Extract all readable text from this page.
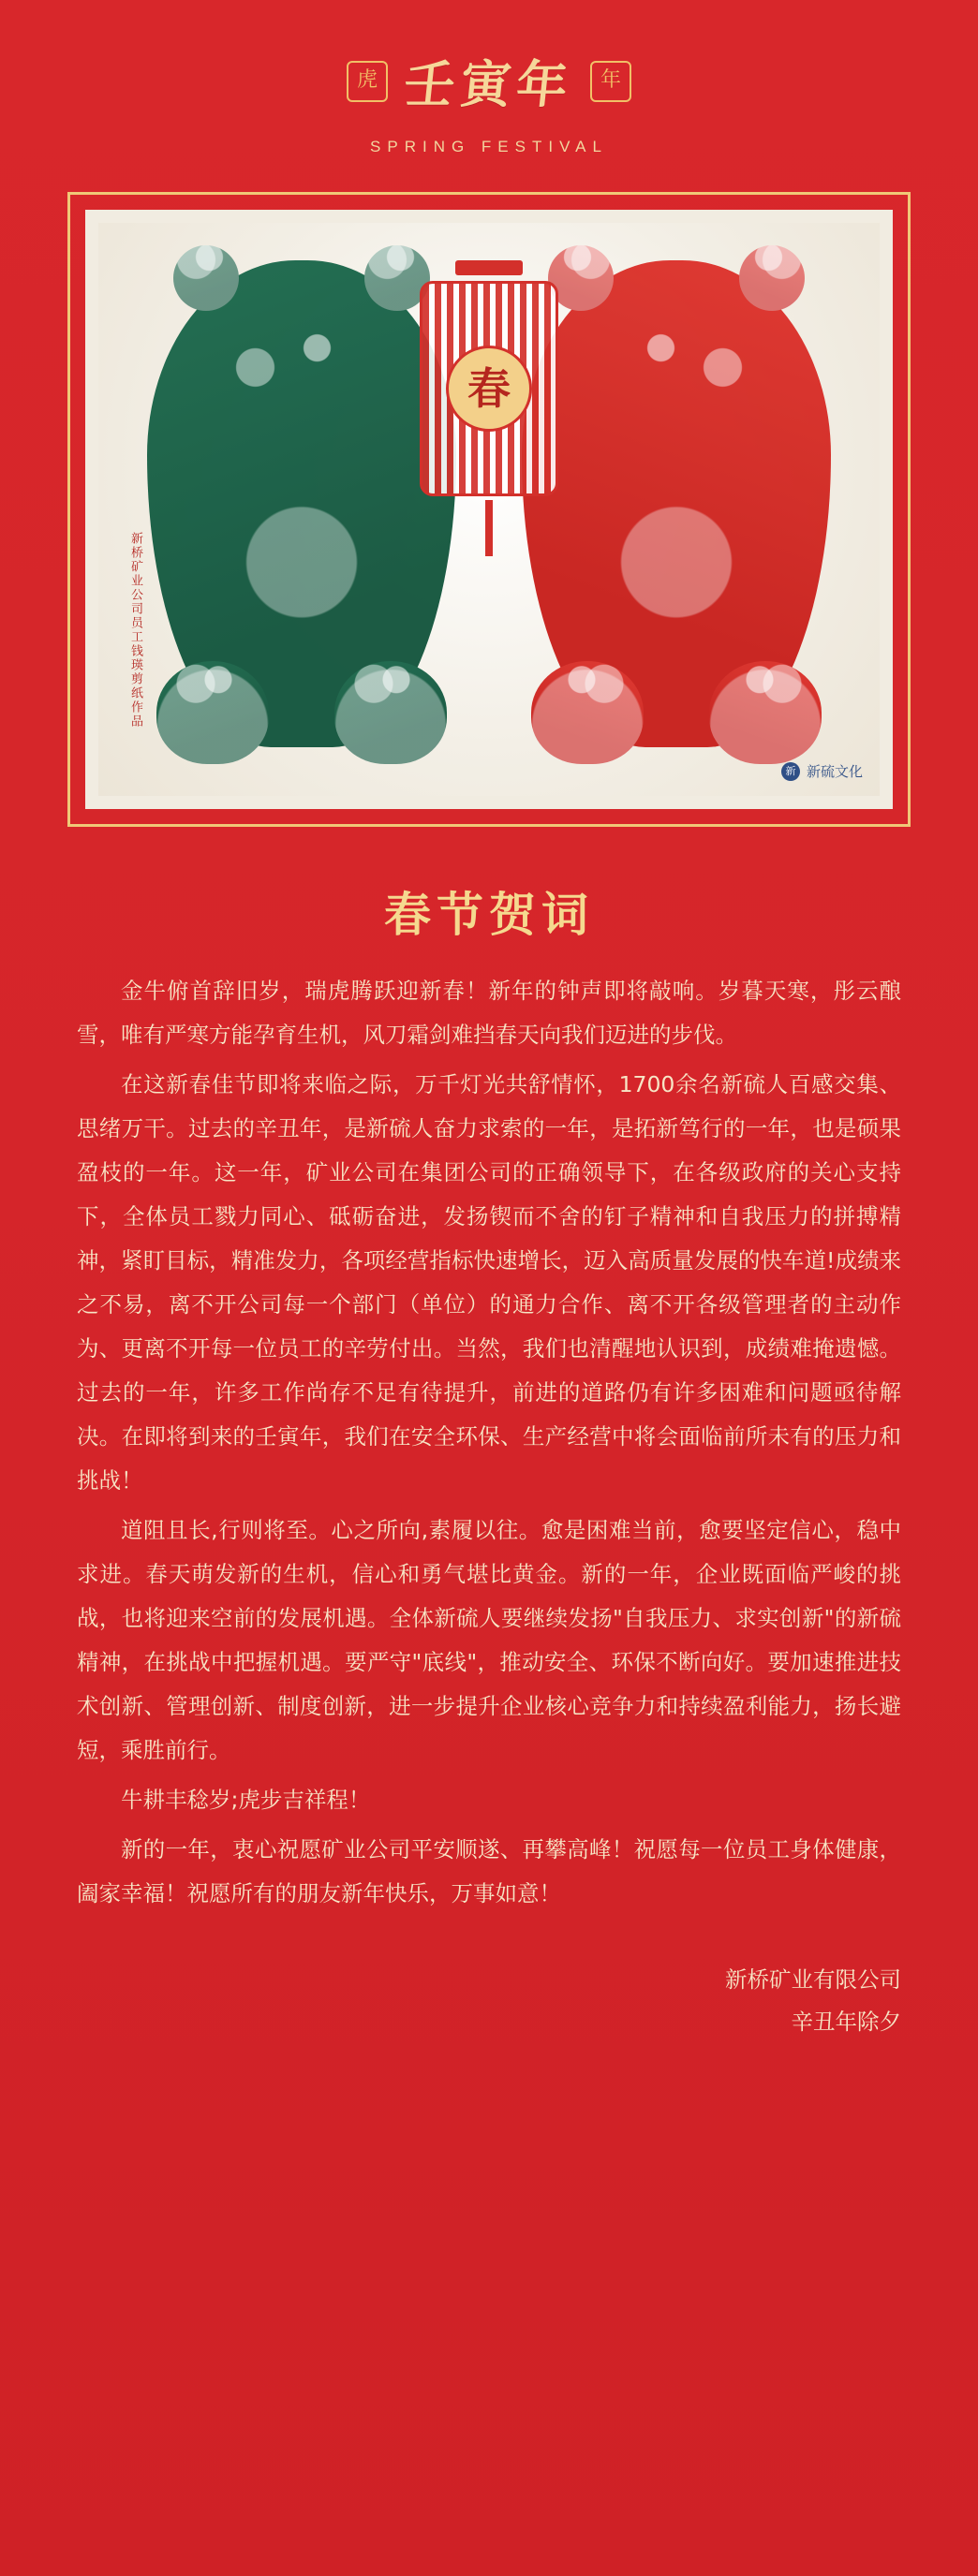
虎 壬寅年	年
SPRING FESTIVAL
春
新桥矿业公司员工钱瑛剪纸作品
新 新硫文化
春节贺词

金牛俯首辞旧岁，瑞虎腾跃迎新春！新年的钟声即将敲响。岁暮天寒，彤云酿雪，唯有严寒方能孕育生机，风刀霜剑难挡春天向我们迈进的步伐。

在这新春佳节即将来临之际，万千灯光共舒情怀，1700余名新硫人百感交集、思绪万干。过去的辛丑年，是新硫人奋力求索的一年，是拓新笃行的一年，也是硕果盈枝的一年。这一年，矿业公司在集团公司的正确领导下，在各级政府的关心支持下，全体员工戮力同心、砥砺奋进，发扬锲而不舍的钉子精神和自我压力的拼搏精神，紧盯目标，精准发力，各项经营指标快速增长，迈入高质量发展的快车道!成绩来之不易，离不开公司每一个部门（单位）的通力合作、离不开各级管理者的主动作为、更离不开每一位员工的辛劳付出。当然，我们也清醒地认识到，成绩难掩遗憾。过去的一年，许多工作尚存不足有待提升，前进的道路仍有许多困难和问题亟待解决。在即将到来的壬寅年，我们在安全环保、生产经营中将会面临前所未有的压力和挑战！

道阻且长,行则将至。心之所向,素履以往。愈是困难当前，愈要坚定信心，稳中求进。春天萌发新的生机，信心和勇气堪比黄金。新的一年，企业既面临严峻的挑战，也将迎来空前的发展机遇。全体新硫人要继续发扬"自我压力、求实创新"的新硫精神，在挑战中把握机遇。要严守"底线"，推动安全、环保不断向好。要加速推进技术创新、管理创新、制度创新，进一步提升企业核心竞争力和持续盈利能力，扬长避短，乘胜前行。

牛耕丰稔岁;虎步吉祥程！

新的一年，衷心祝愿矿业公司平安顺遂、再攀高峰！祝愿每一位员工身体健康，阖家幸福！祝愿所有的朋友新年快乐，万事如意！

新桥矿业有限公司
辛丑年除夕
